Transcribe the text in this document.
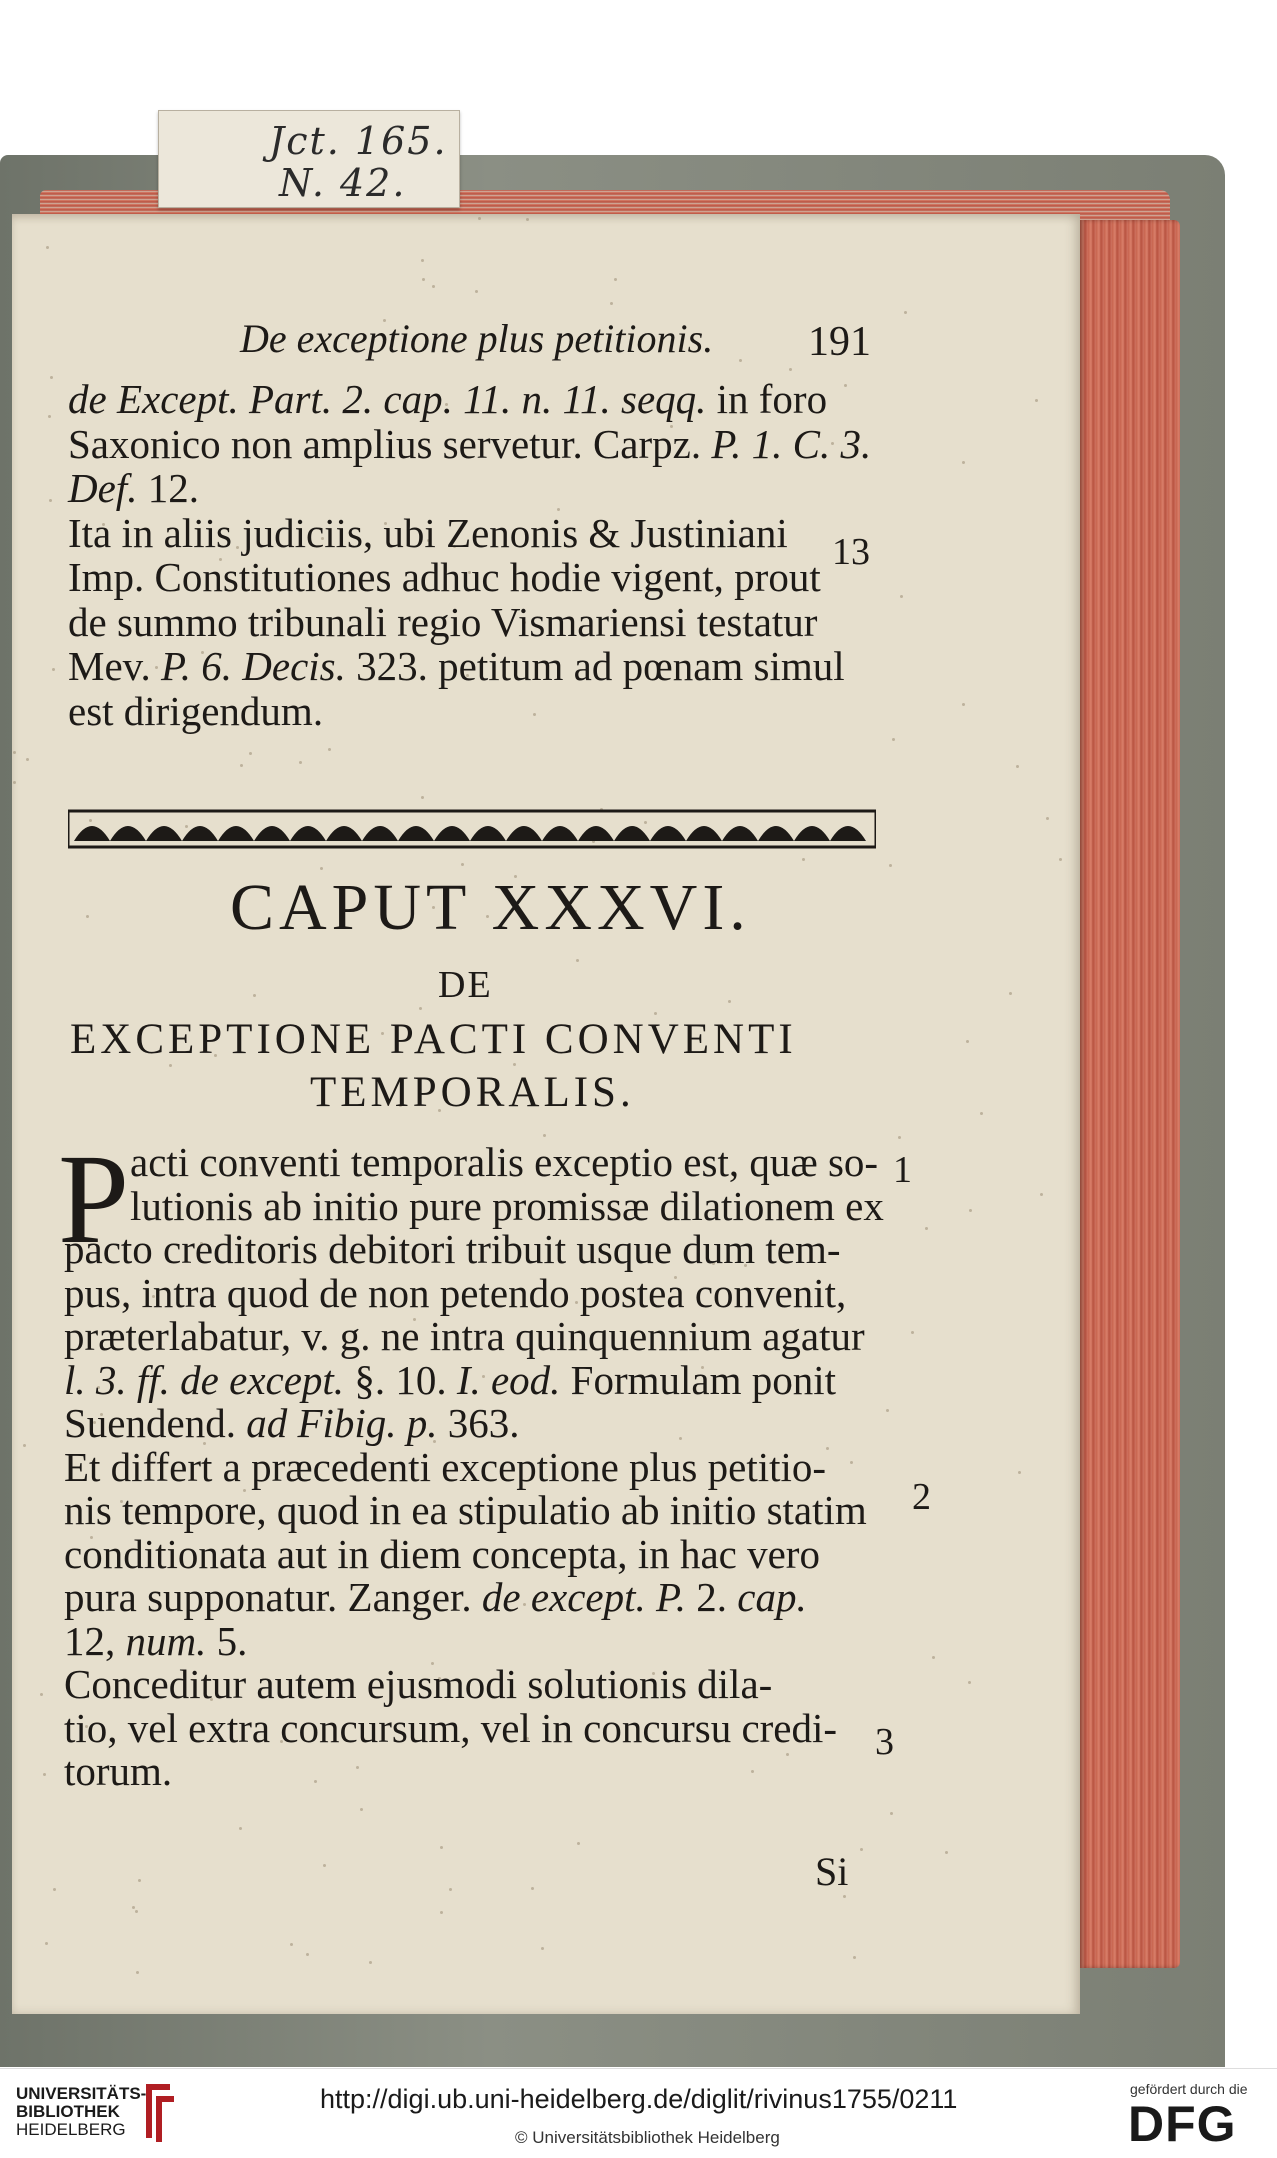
Jct. 165.
N. 42.
De exceptione plus petitionis. 191
13
CAPUT XXXVI.
DE
EXCEPTIONE PACTI CONVENTI
TEMPORALIS.
P	1
2
3
Si
de Except. Part. 2. cap. 11. n. 11. seqq. in foro
Saxonico non amplius servetur. Carpz. P. 1. C. 3.
Def. 12.
Ita in aliis judiciis, ubi Zenonis & Justiniani
Imp. Constitutiones adhuc hodie vigent, prout
de summo tribunali regio Vismariensi testatur
Mev. P. 6. Decis. 323. petitum ad pœnam simul
est dirigendum.
acti conventi temporalis exceptio est, quæ so-
lutionis ab initio pure promissæ dilationem ex
pacto creditoris debitori tribuit usque dum tem-
pus, intra quod de non petendo postea convenit,
præterlabatur, v. g. ne intra quinquennium agatur
l. 3. ff. de except. §. 10. I. eod. Formulam ponit
Suendend. ad Fibig. p. 363.
Et differt a præcedenti exceptione plus petitio-
nis tempore, quod in ea stipulatio ab initio statim
conditionata aut in diem concepta, in hac vero
pura supponatur. Zanger. de except. P. 2. cap.
12, num. 5.
Conceditur autem ejusmodi solutionis dila-
tio, vel extra concursum, vel in concursu credi-
torum.
UNIVERSITÄTS-
BIBLIOTHEK
HEIDELBERG
http://digi.ub.uni-heidelberg.de/diglit/rivinus1755/0211
© Universitätsbibliothek Heidelberg
gefördert durch die
DFG
